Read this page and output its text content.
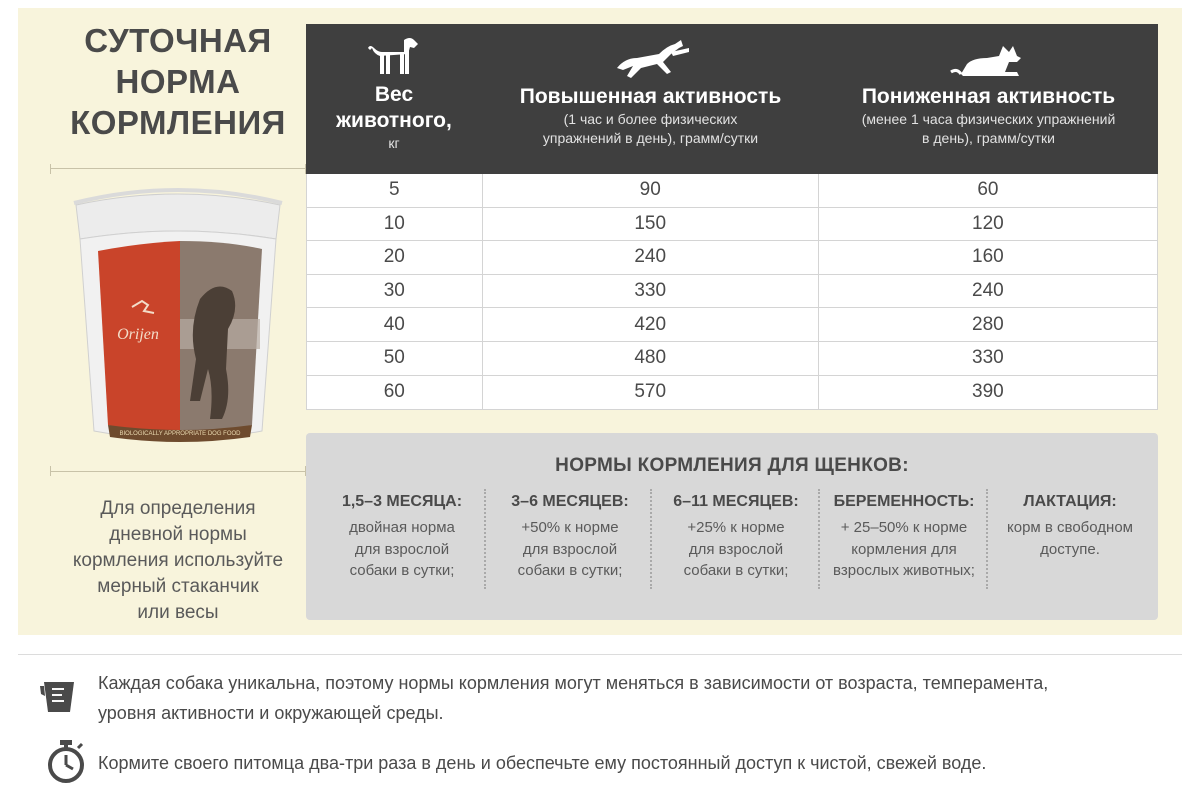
СУТОЧНАЯ
НОРМА
КОРМЛЕНИЯ
BIOLOGICALLY APPROPRIATE DOG FOOD
Orijen
Для определения
дневной нормы
кормления используйте
мерный стаканчик
или весы
Вес
животного,
кг
Повышенная активность
(1 час и более физических
упражнений в день), грамм/сутки
Пониженная активность
(менее 1 часа физических упражнений
в день), грамм/сутки
5	90	60
10	150	120
20	240	160
30	330	240
40	420	280
50	480	330
60	570	390
НОРМЫ КОРМЛЕНИЯ ДЛЯ ЩЕНКОВ:
1,5–3 МЕСЯЦА:
двойная норма
для взрослой
собаки в сутки;
3–6 МЕСЯЦЕВ:
+50% к норме
для взрослой
собаки в сутки;
6–11 МЕСЯЦЕВ:
+25% к норме
для взрослой
собаки в сутки;
БЕРЕМЕННОСТЬ:
+ 25–50% к норме
кормления для
взрослых животных;
ЛАКТАЦИЯ:
корм в свободном
доступе.
Каждая собака уникальна, поэтому нормы кормления могут меняться в зависимости от возраста, темперамента,
уровня активности и окружающей среды.
Кормите своего питомца два-три раза в день и обеспечьте ему постоянный доступ к чистой, свежей воде.
